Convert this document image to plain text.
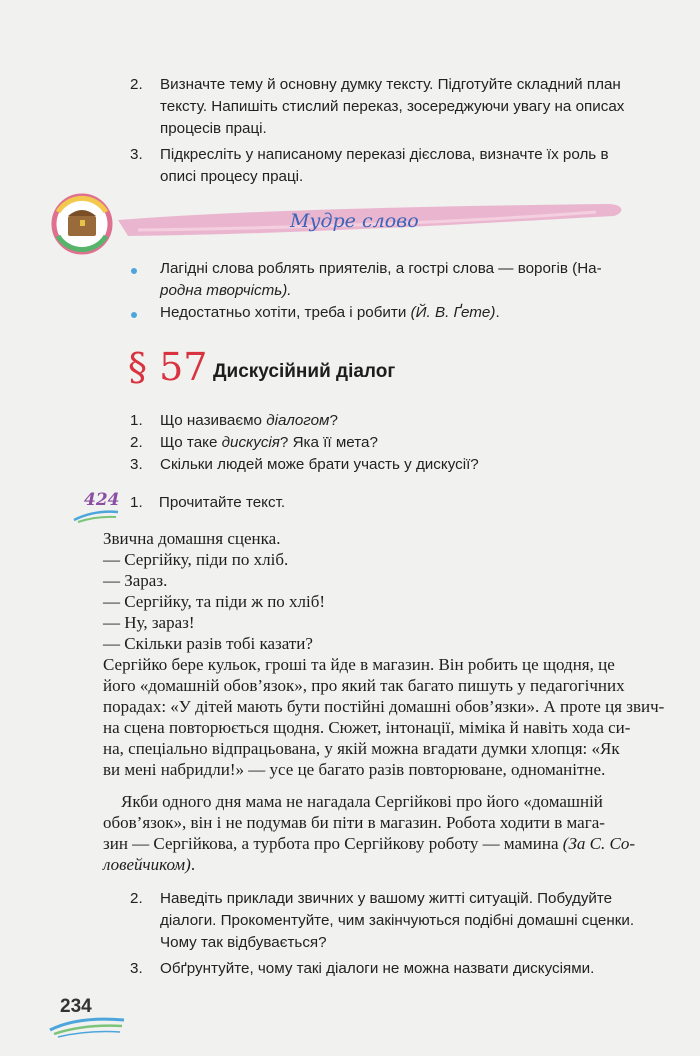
2. Визначте тему й основну думку тексту. Підготуйте складний план
тексту. Напишіть стислий переказ, зосереджуючи увагу на описах
процесів праці.
3. Підкресліть у написаному переказі дієслова, визначте їх роль в
описі процесу праці.
Мудре слово
Лагідні слова роблять приятелів, а гострі слова — ворогів (На-
родна творчість).
Недостатньо хотіти, треба і робити (Й. В. Ґете).
§ 57 Дискусійний діалог
1. Що називаємо діалогом?
2. Що таке дискусія? Яка її мета?
3. Скільки людей може брати участь у дискусії?
424 1. Прочитайте текст.
Звична домашня сценка.
— Сергійку, піди по хліб.
— Зараз.
— Сергійку, та піди ж по хліб!
— Ну, зараз!
— Скільки разів тобі казати?
Сергійко бере кульок, гроші та йде в магазин. Він робить це щодня, це
його «домашній обов’язок», про який так багато пишуть у педагогічних
порадах: «У дітей мають бути постійні домашні обов’язки». А проте ця звич-
на сцена повторюється щодня. Сюжет, інтонації, міміка й навіть хода си-
на, спеціально відпрацьована, у якій можна вгадати думки хлопця: «Як
ви мені набридли!» — усе це багато разів повторюване, одноманітне.
Якби одного дня мама не нагадала Сергійкові про його «домашній
обов’язок», він і не подумав би піти в магазин. Робота ходити в мага-
зин — Сергійкова, а турбота про Сергійкову роботу — мамина (За С. Со-
ловейчиком).
2. Наведіть приклади звичних у вашому житті ситуацій. Побудуйте
діалоги. Прокоментуйте, чим закінчуються подібні домашні сценки.
Чому так відбувається?
3. Обґрунтуйте, чому такі діалоги не можна назвати дискусіями.
234
